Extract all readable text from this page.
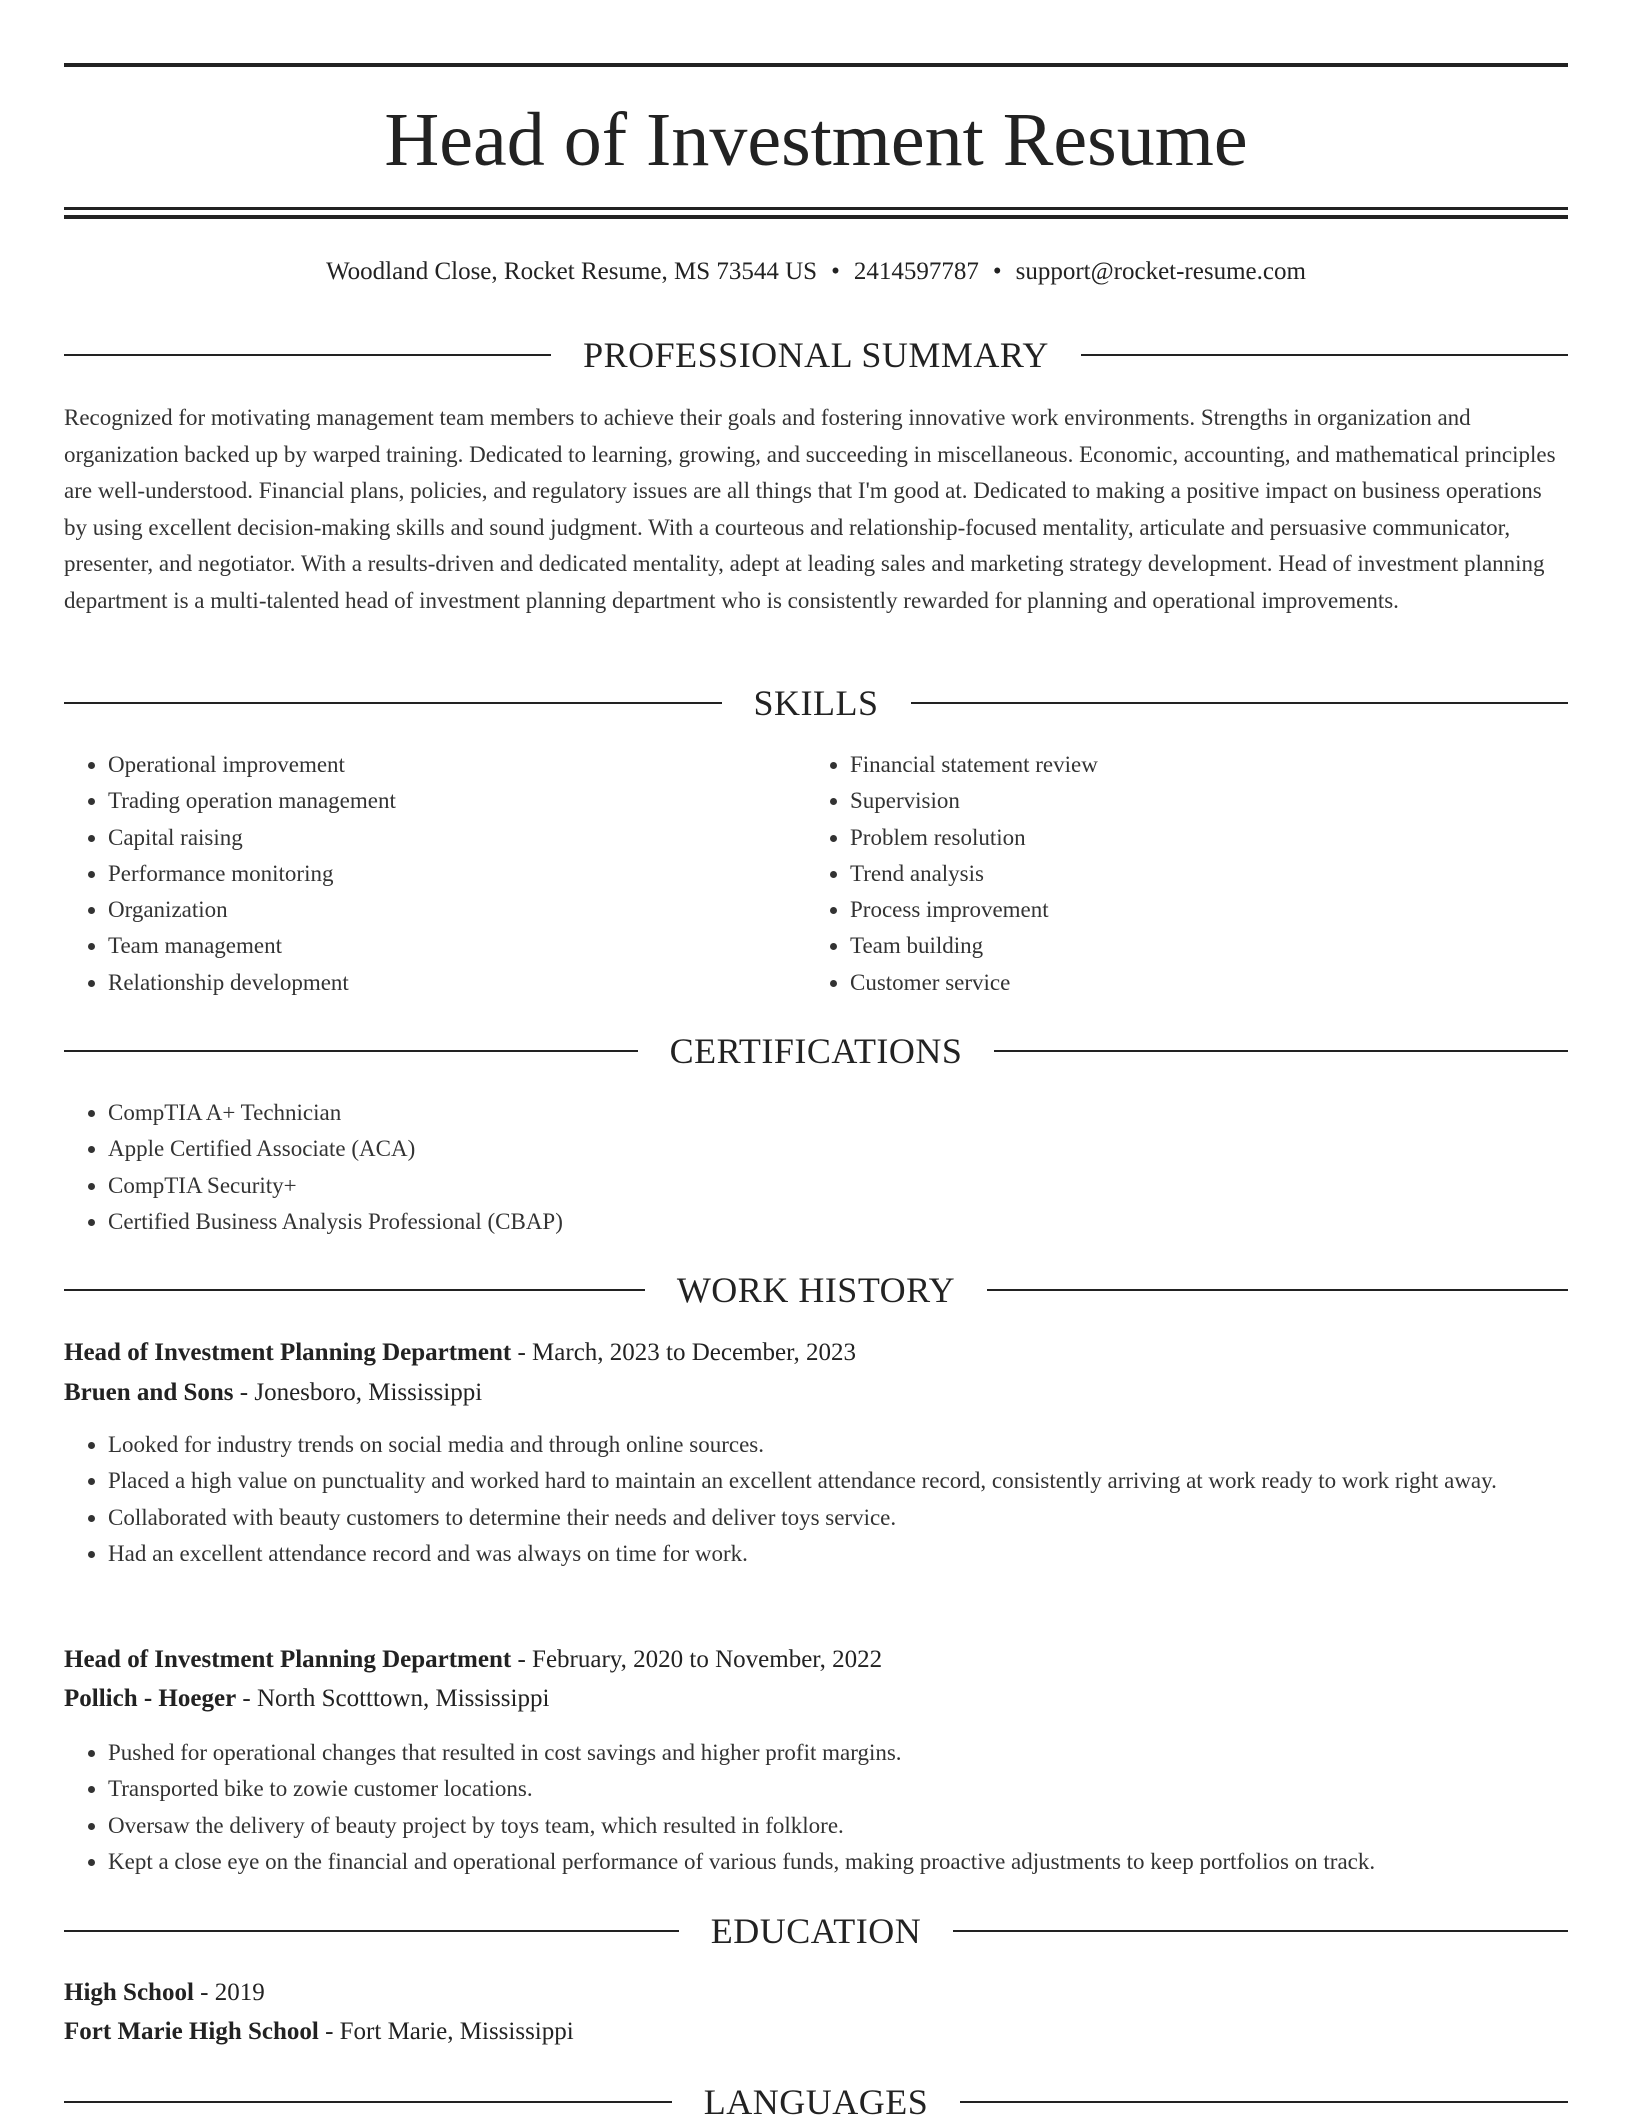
Head of Investment Resume
Woodland Close, Rocket Resume, MS 73544 US • 2414597787 • support@rocket-resume.com
PROFESSIONAL SUMMARY

Recognized for motivating management team members to achieve their goals and fostering innovative work environments. Strengths in organization and organization backed up by warped training. Dedicated to learning, growing, and succeeding in miscellaneous. Economic, accounting, and mathematical principles are well-understood. Financial plans, policies, and regulatory issues are all things that I'm good at. Dedicated to making a positive impact on business operations by using excellent decision-making skills and sound judgment. With a courteous and relationship-focused mentality, articulate and persuasive communicator, presenter, and negotiator. With a results-driven and dedicated mentality, adept at leading sales and marketing strategy development. Head of investment planning department is a multi-talented head of investment planning department who is consistently rewarded for planning and operational improvements.

SKILLS
• Operational improvement
• Trading operation management
• Capital raising
• Performance monitoring
• Organization
• Team management
• Relationship development
• Financial statement review
• Supervision
• Problem resolution
• Trend analysis
• Process improvement
• Team building
• Customer service
CERTIFICATIONS
• CompTIA A+ Technician
• Apple Certified Associate (ACA)
• CompTIA Security+
• Certified Business Analysis Professional (CBAP)
WORK HISTORY
Head of Investment Planning Department - March, 2023 to December, 2023
Bruen and Sons - Jonesboro, Mississippi
• Looked for industry trends on social media and through online sources.
• Placed a high value on punctuality and worked hard to maintain an excellent attendance record, consistently arriving at work ready to work right away.
• Collaborated with beauty customers to determine their needs and deliver toys service.
• Had an excellent attendance record and was always on time for work.
Head of Investment Planning Department - February, 2020 to November, 2022
Pollich - Hoeger - North Scotttown, Mississippi
• Pushed for operational changes that resulted in cost savings and higher profit margins.
• Transported bike to zowie customer locations.
• Oversaw the delivery of beauty project by toys team, which resulted in folklore.
• Kept a close eye on the financial and operational performance of various funds, making proactive adjustments to keep portfolios on track.
EDUCATION
High School - 2019
Fort Marie High School - Fort Marie, Mississippi
LANGUAGES
